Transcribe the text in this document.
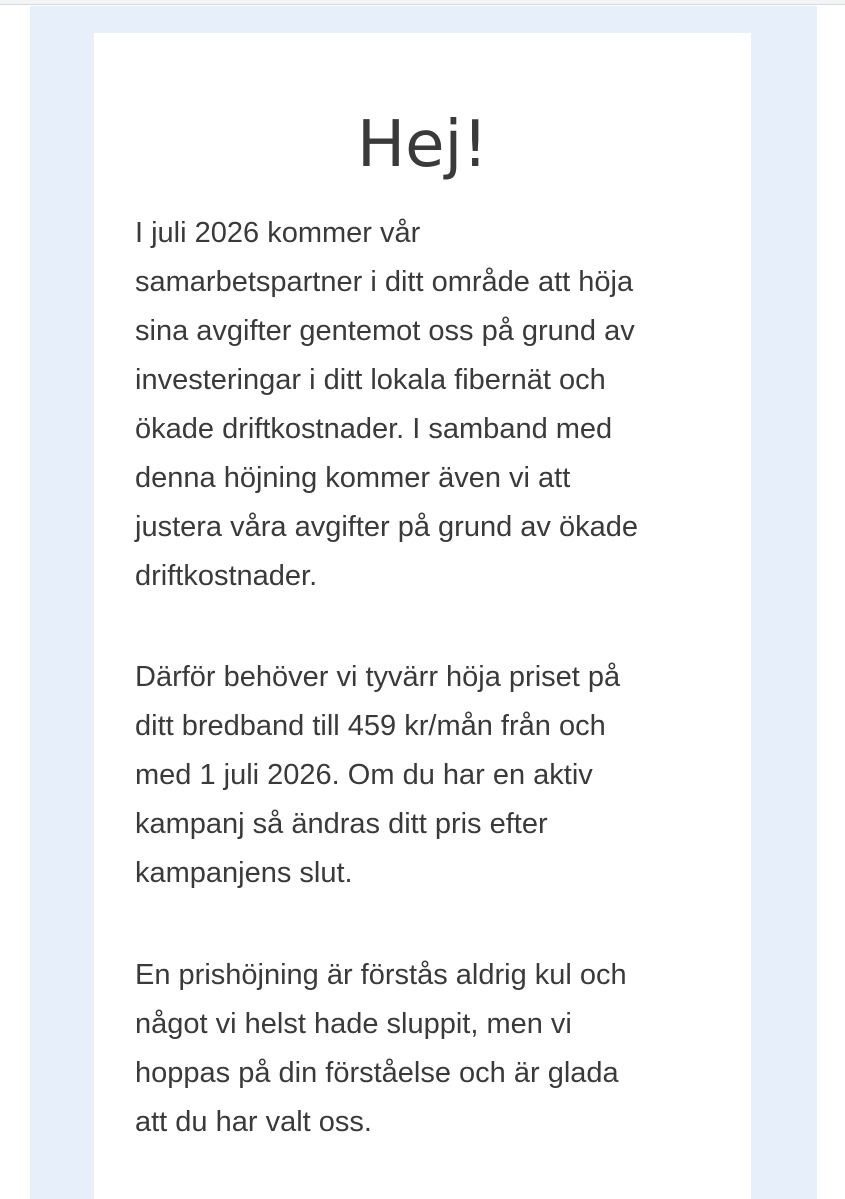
Hej!

I juli 2026 kommer vår
samarbetspartner i ditt område att höja
sina avgifter gentemot oss på grund av
investeringar i ditt lokala fibernät och
ökade driftkostnader. I samband med
denna höjning kommer även vi att
justera våra avgifter på grund av ökade
driftkostnader.

Därför behöver vi tyvärr höja priset på
ditt bredband till 459 kr/mån från och
med 1 juli 2026. Om du har en aktiv
kampanj så ändras ditt pris efter
kampanjens slut.

En prishöjning är förstås aldrig kul och
något vi helst hade sluppit, men vi
hoppas på din förståelse och är glada
att du har valt oss.
